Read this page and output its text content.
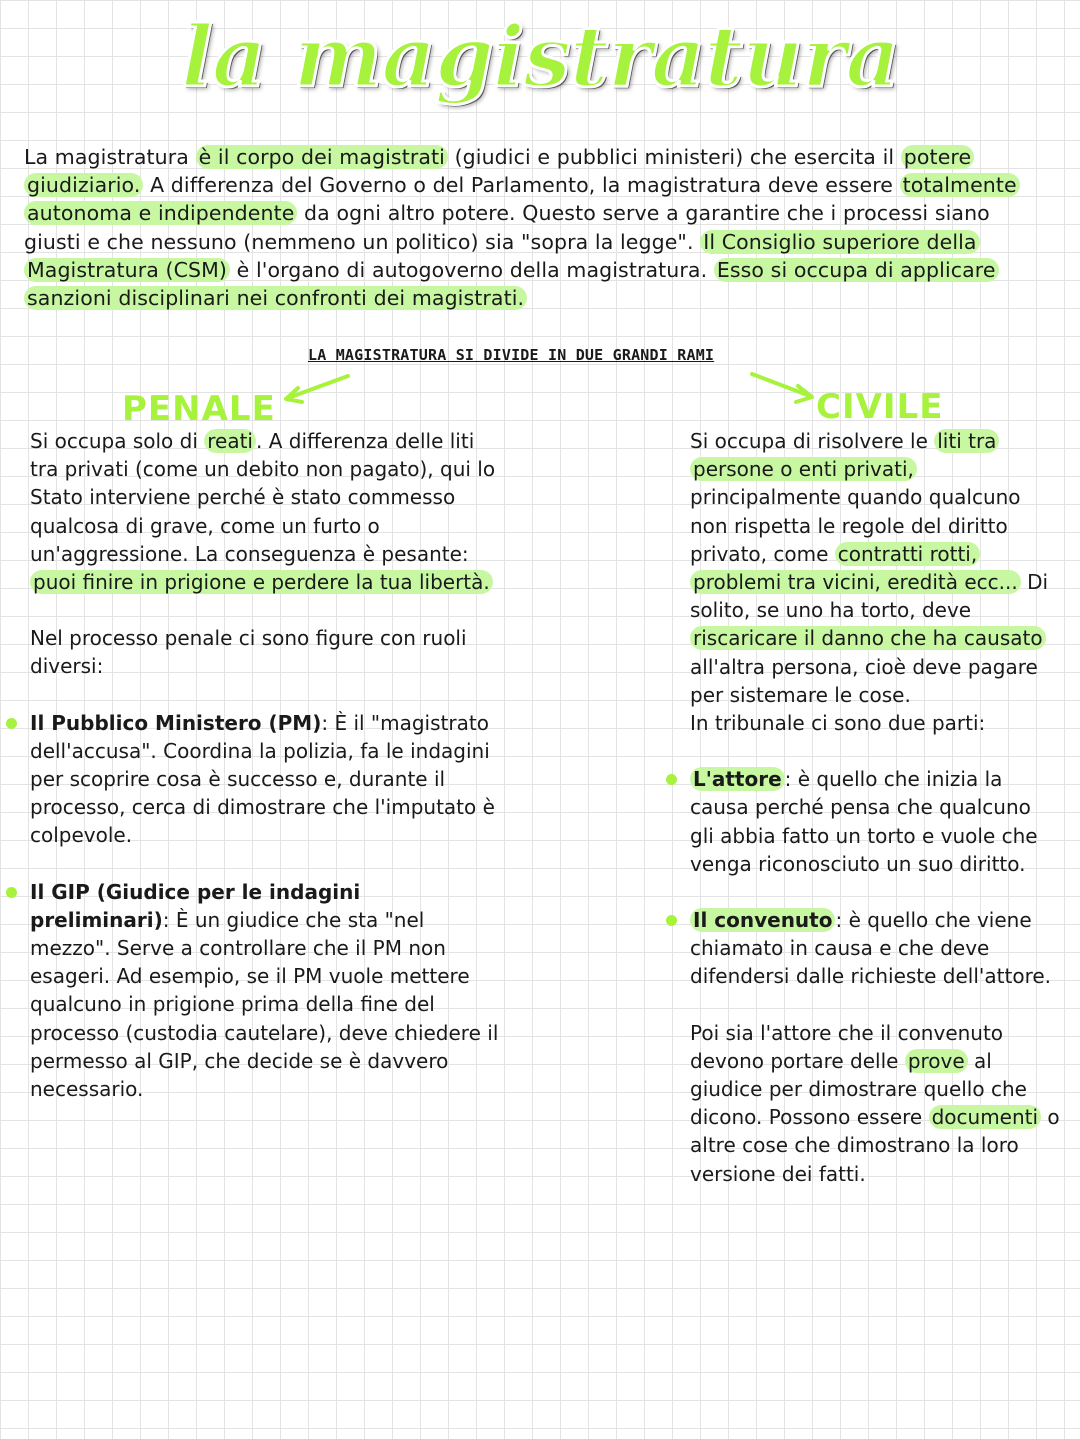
la magistratura
La magistratura è il corpo dei magistrati (giudici e pubblici ministeri) che esercita il potere giudiziario. A differenza del Governo o del Parlamento, la magistratura deve essere totalmente autonoma e indipendente da ogni altro potere. Questo serve a garantire che i processi siano giusti e che nessuno (nemmeno un politico) sia "sopra la legge". Il Consiglio superiore della Magistratura (CSM) è l'organo di autogoverno della magistratura. Esso si occupa di applicare sanzioni disciplinari nei confronti dei magistrati.
LA MAGISTRATURA SI DIVIDE IN DUE GRANDI RAMI
PENALE	CIVILE

Si occupa solo di reati . A differenza delle liti tra privati (come un debito non pagato), qui lo Stato interviene perché è stato commesso qualcosa di grave, come un furto o un'aggressione. La conseguenza è pesante: puoi finire in prigione e perdere la tua libertà.

Nel processo penale ci sono figure con ruoli diversi:

Il Pubblico Ministero (PM): È il "magistrato dell'accusa". Coordina la polizia, fa le indagini per scoprire cosa è successo e, durante il processo, cerca di dimostrare che l'imputato è colpevole.

Il GIP (Giudice per le indagini preliminari): È un giudice che sta "nel mezzo". Serve a controllare che il PM non esageri. Ad esempio, se il PM vuole mettere qualcuno in prigione prima della fine del processo (custodia cautelare), deve chiedere il permesso al GIP, che decide se è davvero necessario.

Si occupa di risolvere le liti tra persone o enti privati, principalmente quando qualcuno non rispetta le regole del diritto privato, come contratti rotti, problemi tra vicini, eredità ecc... Di solito, se uno ha torto, deve riscaricare il danno che ha causato all'altra persona, cioè deve pagare per sistemare le cose.

In tribunale ci sono due parti:

L'attore : è quello che inizia la causa perché pensa che qualcuno gli abbia fatto un torto e vuole che venga riconosciuto un suo diritto.

Il convenuto : è quello che viene chiamato in causa e che deve difendersi dalle richieste dell'attore.

Poi sia l'attore che il convenuto devono portare delle prove al giudice per dimostrare quello che dicono. Possono essere documenti o altre cose che dimostrano la loro versione dei fatti.
